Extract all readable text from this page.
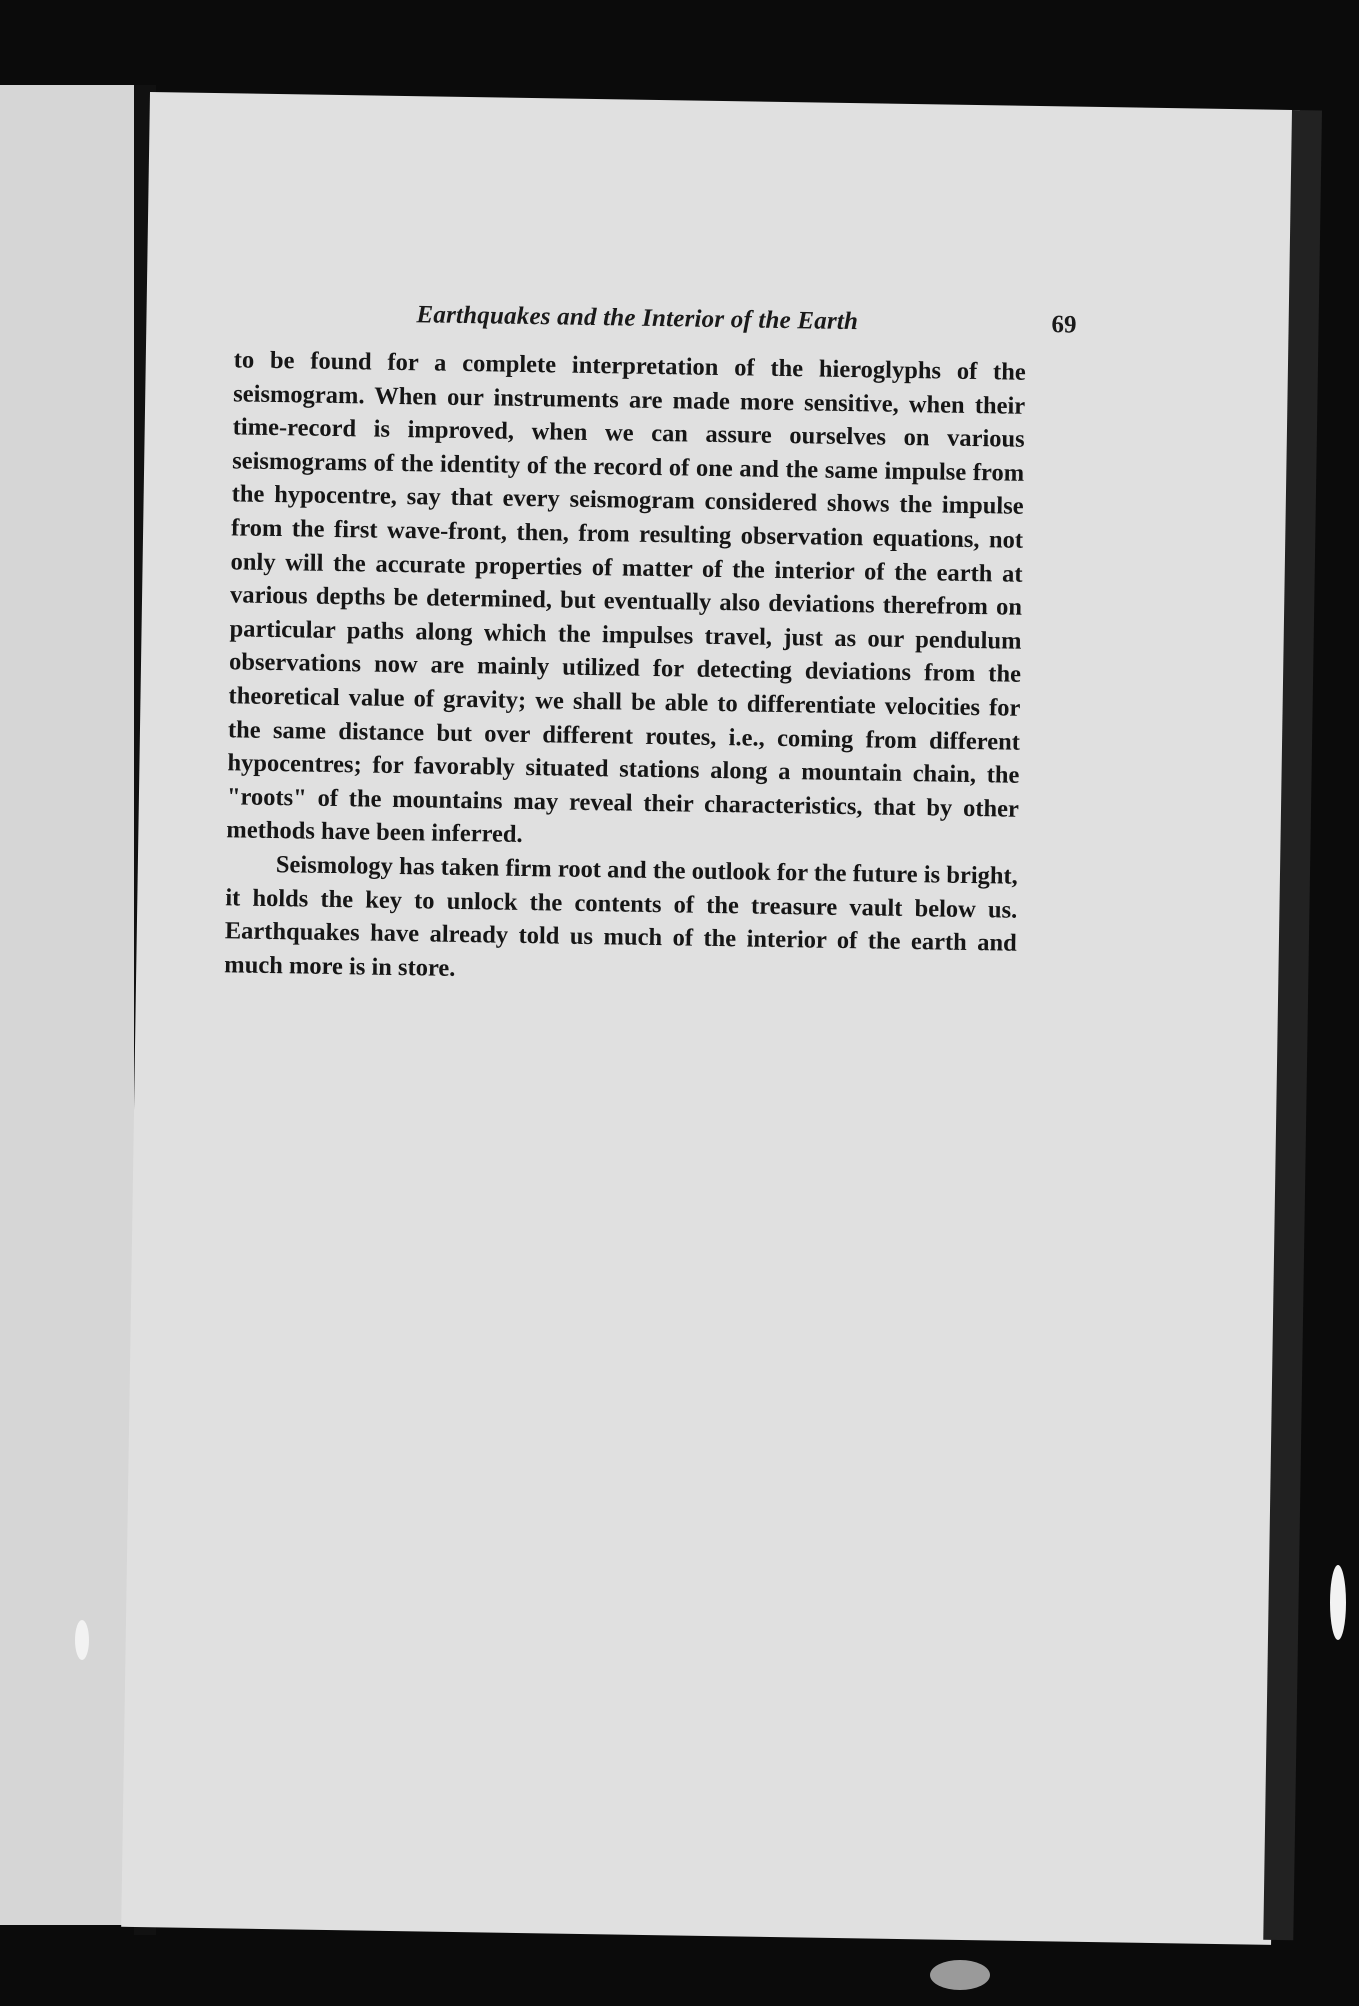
Earthquakes and the Interior of the Earth	69

to be found for a complete interpretation of the hieroglyphs of the seismogram. When our instruments are made more sensitive, when their time-record is improved, when we can assure ourselves on various seismograms of the identity of the record of one and the same impulse from the hypocentre, say that every seismogram considered shows the impulse from the first wave-front, then, from resulting observation equations, not only will the accurate properties of matter of the interior of the earth at various depths be determined, but eventually also deviations therefrom on particular paths along which the impulses travel, just as our pendulum observations now are mainly utilized for detecting deviations from the theoretical value of gravity; we shall be able to differentiate velocities for the same distance but over different routes, i.e., coming from different hypocentres; for favorably situated stations along a mountain chain, the "roots" of the mountains may reveal their characteristics, that by other methods have been inferred.

Seismology has taken firm root and the outlook for the future is bright, it holds the key to unlock the contents of the treasure vault below us. Earthquakes have already told us much of the interior of the earth and much more is in store.
